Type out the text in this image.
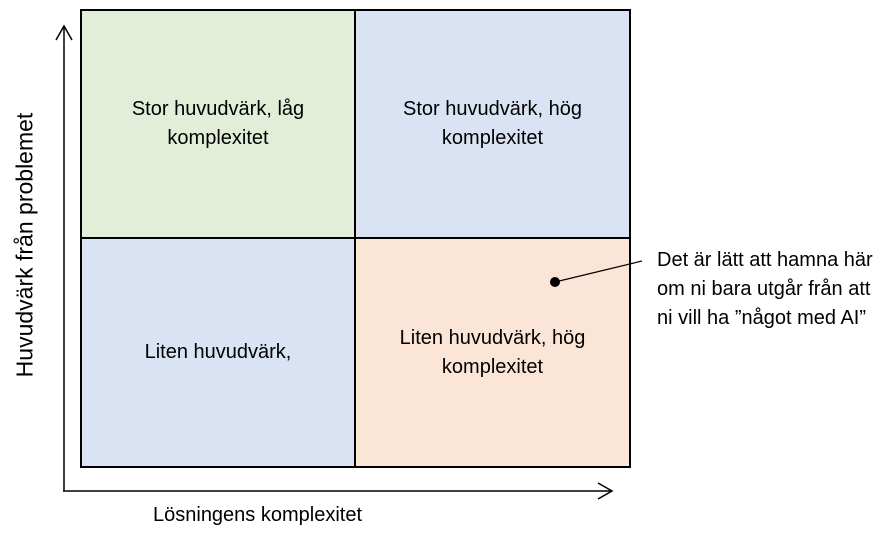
Stor huvudvärk, låg komplexitet
Stor huvudvärk, hög komplexitet
Liten huvudvärk,
Liten huvudvärk, hög komplexitet
Huvudvärk från problemet
Lösningens komplexitet
Det är lätt att hamna här om ni bara utgår från att ni vill ha ”något med AI”
